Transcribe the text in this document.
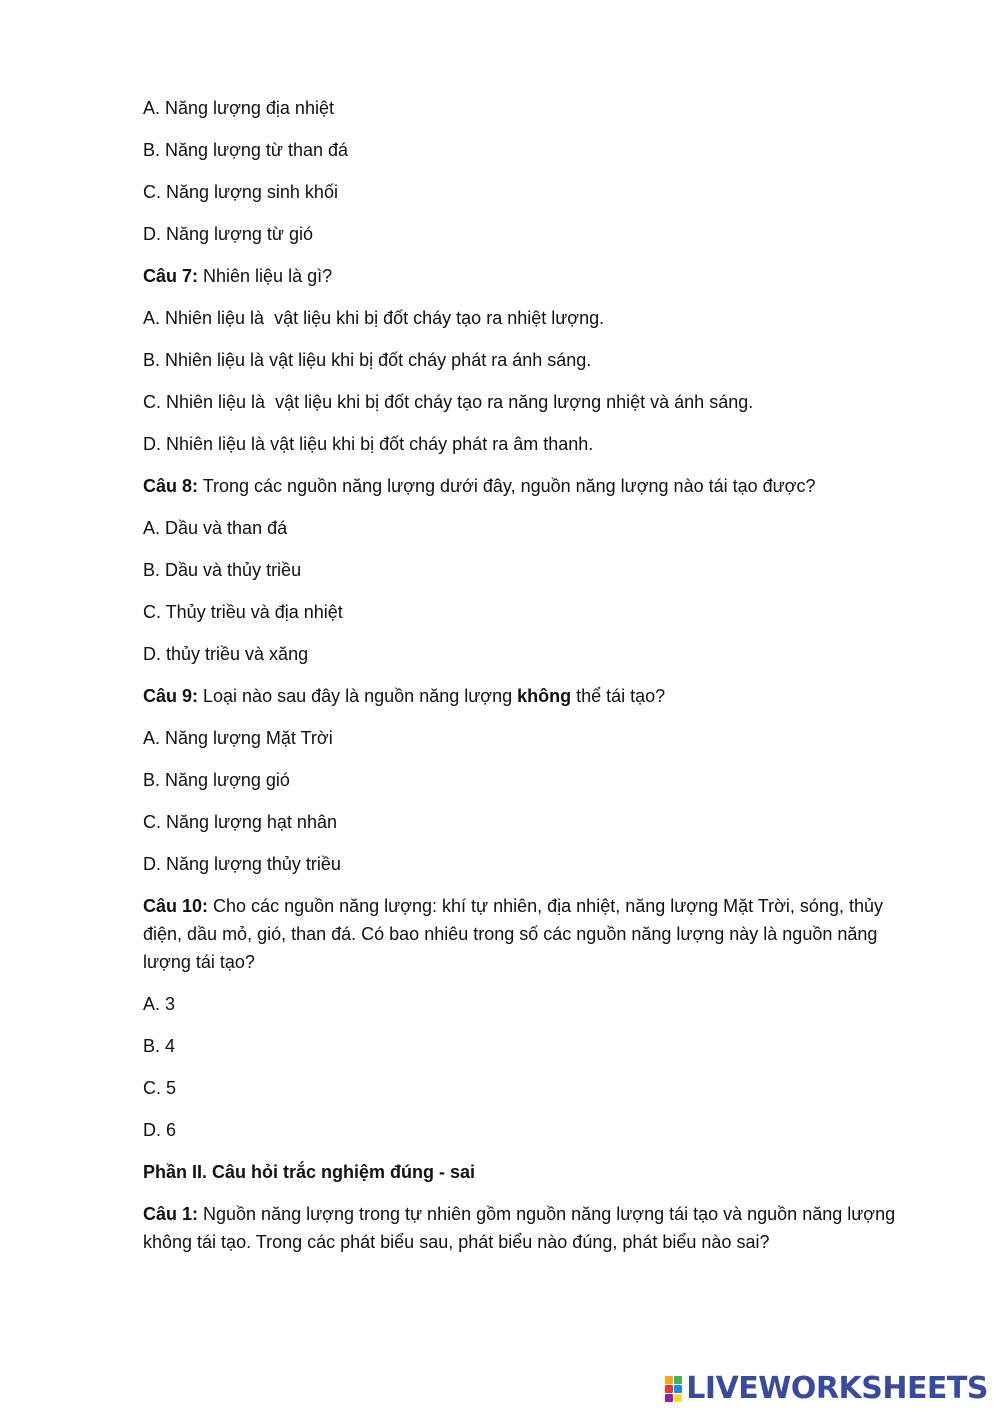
A. Năng lượng địa nhiệt

B. Năng lượng từ than đá

C. Năng lượng sinh khối

D. Năng lượng từ gió

Câu 7: Nhiên liệu là gì?

A. Nhiên liệu là  vật liệu khi bị đốt cháy tạo ra nhiệt lượng.

B. Nhiên liệu là vật liệu khi bị đốt cháy phát ra ánh sáng.

C. Nhiên liệu là  vật liệu khi bị đốt cháy tạo ra năng lượng nhiệt và ánh sáng.

D. Nhiên liệu là vật liệu khi bị đốt cháy phát ra âm thanh.

Câu 8: Trong các nguồn năng lượng dưới đây, nguồn năng lượng nào tái tạo được?

A. Dầu và than đá

B. Dầu và thủy triều

C. Thủy triều và địa nhiệt

D. thủy triều và xăng

Câu 9: Loại nào sau đây là nguồn năng lượng không thể tái tạo?

A. Năng lượng Mặt Trời

B. Năng lượng gió

C. Năng lượng hạt nhân

D. Năng lượng thủy triều

Câu 10: Cho các nguồn năng lượng: khí tự nhiên, địa nhiệt, năng lượng Mặt Trời, sóng, thủy điện, dầu mỏ, gió, than đá. Có bao nhiêu trong số các nguồn năng lượng này là nguồn năng lượng tái tạo?

A. 3

B. 4

C. 5

D. 6

Phần II. Câu hỏi trắc nghiệm đúng - sai

Câu 1: Nguồn năng lượng trong tự nhiên gồm nguồn năng lượng tái tạo và nguồn năng lượng không tái tạo. Trong các phát biểu sau, phát biểu nào đúng, phát biểu nào sai?

LIVEWORKSHEETS
